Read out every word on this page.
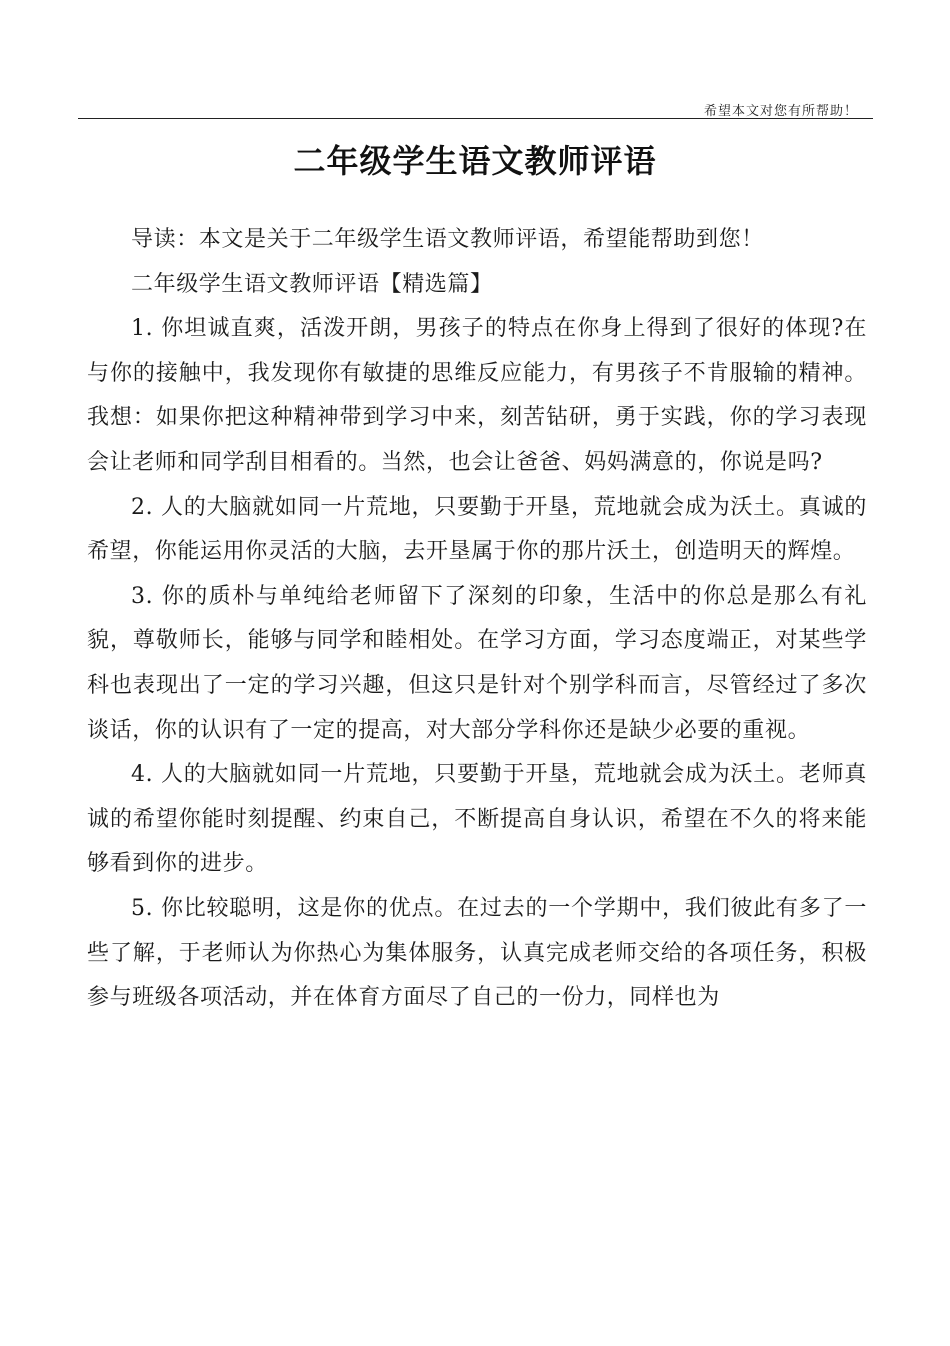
希望本文对您有所帮助！
二年级学生语文教师评语

导读：本文是关于二年级学生语文教师评语，希望能帮助到您！

二年级学生语文教师评语【精选篇】

1. 你坦诚直爽，活泼开朗，男孩子的特点在你身上得到了很好的体现?在与你的接触中，我发现你有敏捷的思维反应能力，有男孩子不肯服输的精神。我想：如果你把这种精神带到学习中来，刻苦钻研，勇于实践，你的学习表现会让老师和同学刮目相看的。当然，也会让爸爸、妈妈满意的，你说是吗?

2. 人的大脑就如同一片荒地，只要勤于开垦，荒地就会成为沃土。真诚的希望，你能运用你灵活的大脑，去开垦属于你的那片沃土，创造明天的辉煌。

3. 你的质朴与单纯给老师留下了深刻的印象，生活中的你总是那么有礼貌，尊敬师长，能够与同学和睦相处。在学习方面，学习态度端正，对某些学科也表现出了一定的学习兴趣，但这只是针对个别学科而言，尽管经过了多次谈话，你的认识有了一定的提高，对大部分学科你还是缺少必要的重视。

4. 人的大脑就如同一片荒地，只要勤于开垦，荒地就会成为沃土。老师真诚的希望你能时刻提醒、约束自己，不断提高自身认识，希望在不久的将来能够看到你的进步。

5. 你比较聪明，这是你的优点。在过去的一个学期中，我们彼此有多了一些了解，于老师认为你热心为集体服务，认真完成老师交给的各项任务，积极参与班级各项活动，并在体育方面尽了自己的一份力，同样也为
